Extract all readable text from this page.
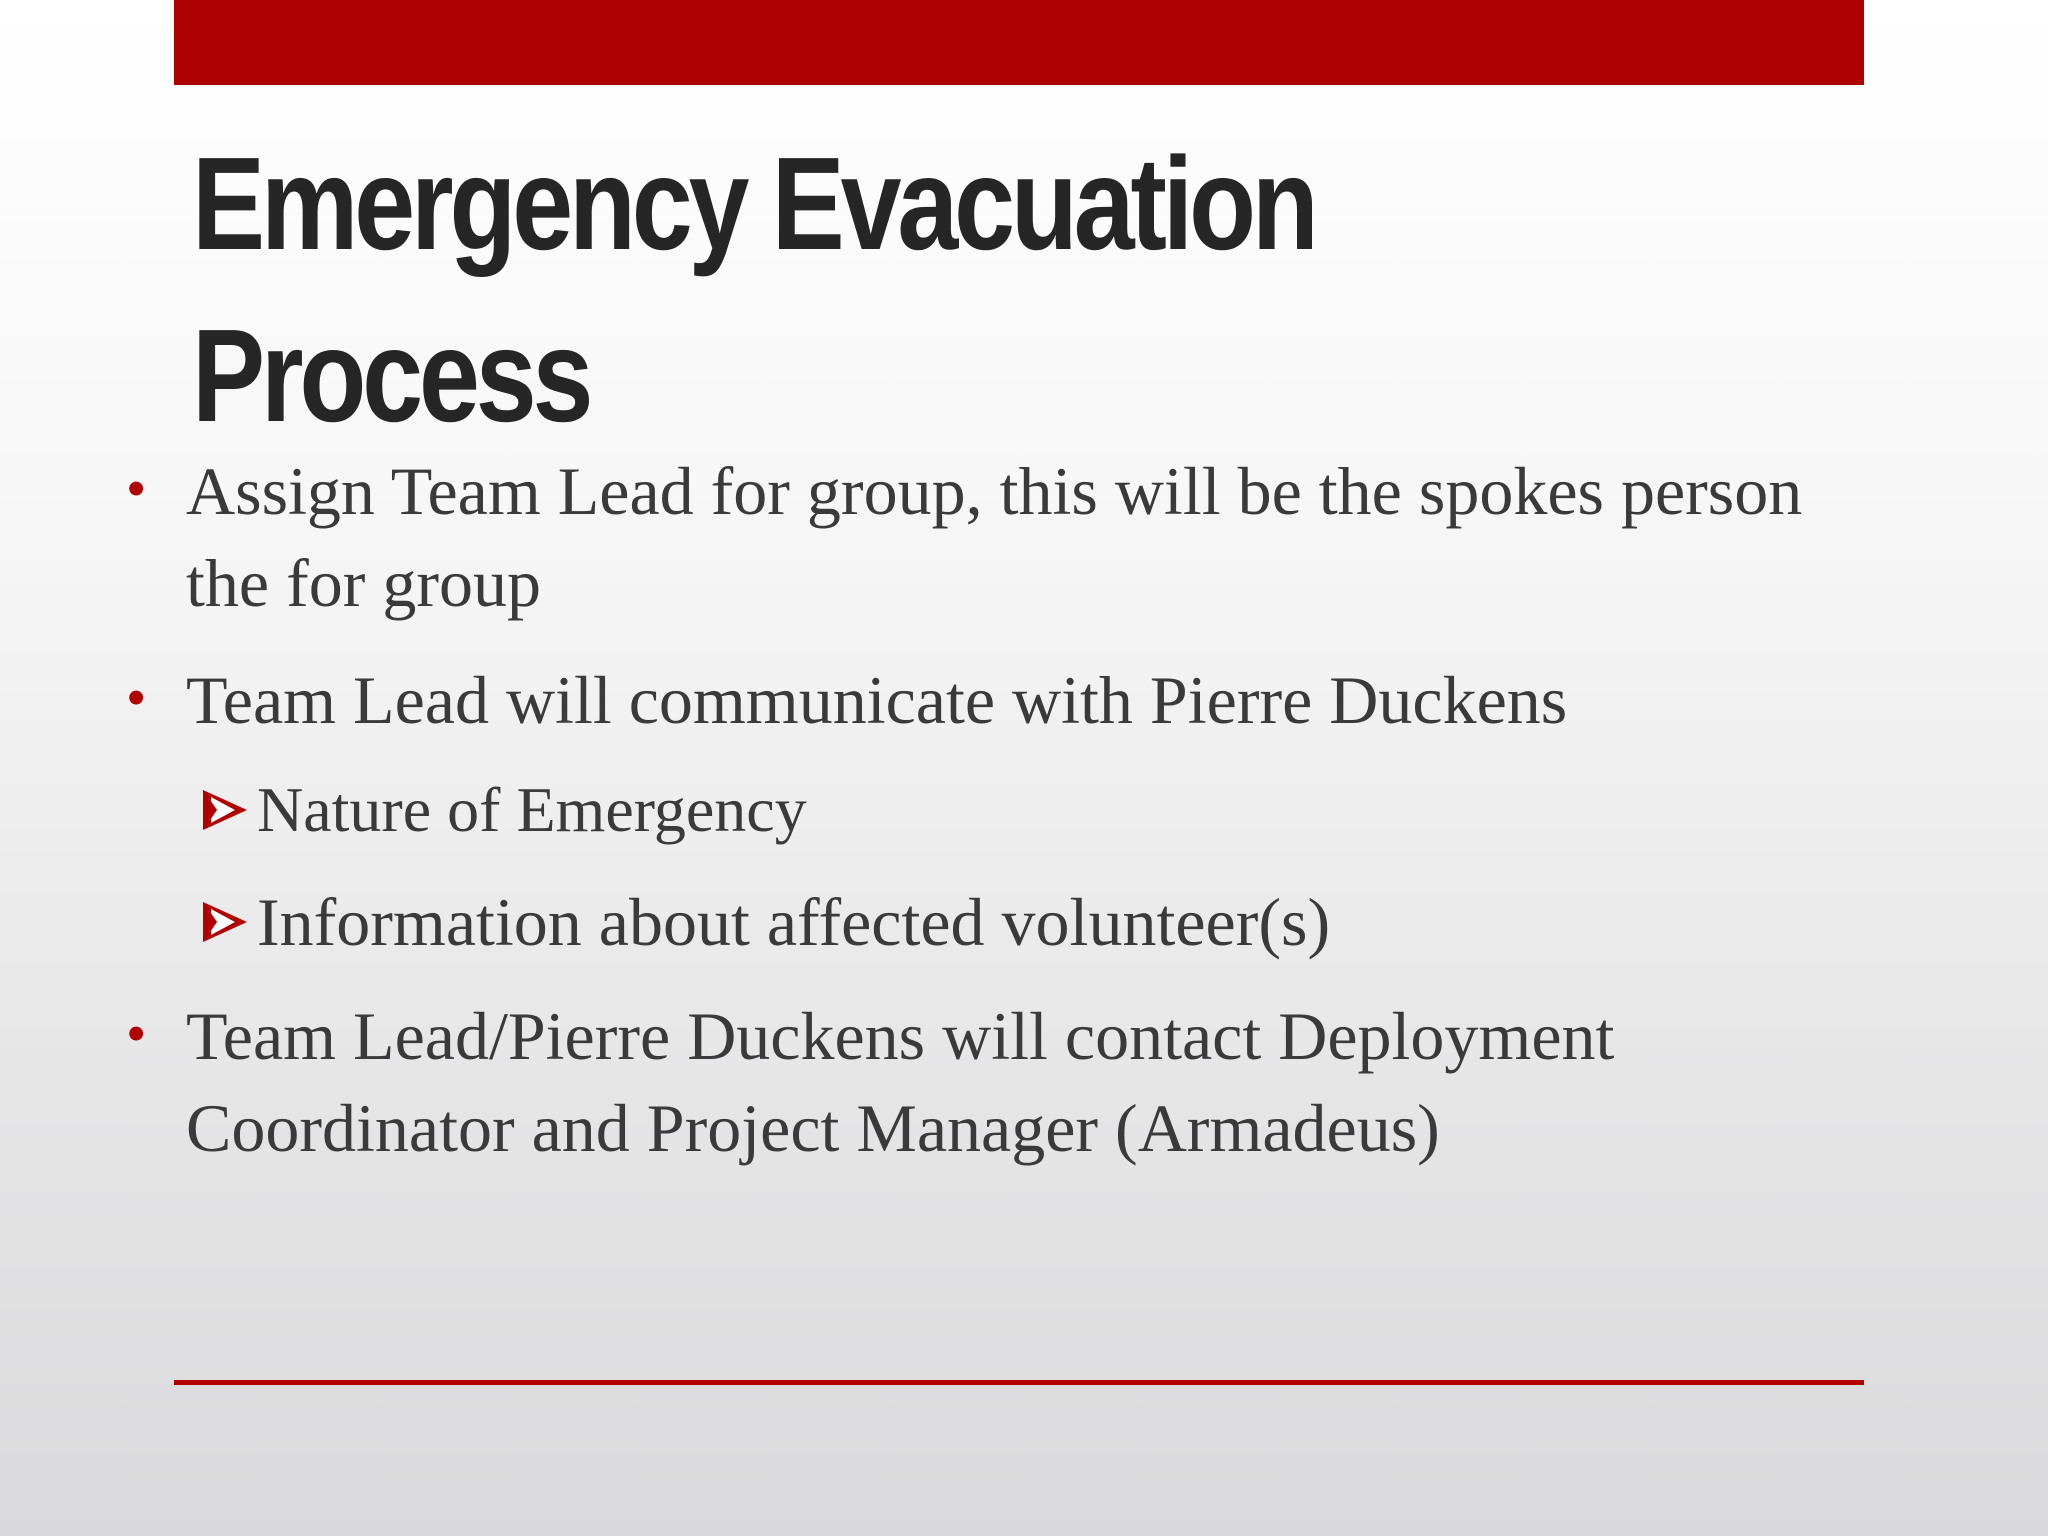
Emergency Evacuation
Process
• Assign Team Lead for group, this will be the spokes person the for group
• Team Lead will communicate with Pierre Duckens
Nature of Emergency
Information about affected volunteer(s)
• Team Lead/Pierre Duckens will contact Deployment Coordinator and Project Manager (Armadeus)
